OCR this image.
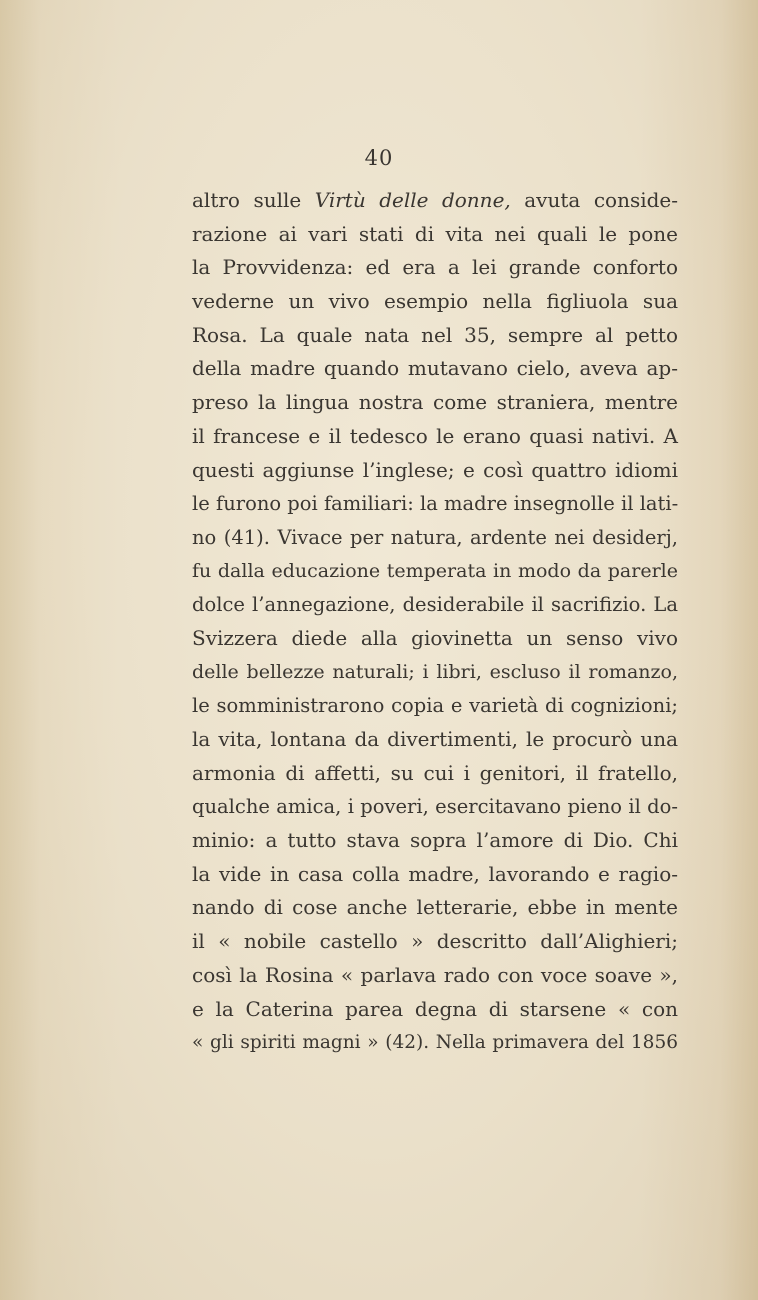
40
altro sulle Virtù delle donne, avuta conside-
razione ai vari stati di vita nei quali le pone
la Provvidenza: ed era a lei grande conforto
vederne un vivo esempio nella figliuola sua
Rosa. La quale nata nel 35, sempre al petto
della madre quando mutavano cielo, aveva ap-
preso la lingua nostra come straniera, mentre
il francese e il tedesco le erano quasi nativi. A
questi aggiunse l’inglese; e così quattro idiomi
le furono poi familiari: la madre insegnolle il lati-
no (41). Vivace per natura, ardente nei desiderj,
fu dalla educazione temperata in modo da parerle
dolce l’annegazione, desiderabile il sacrifizio. La
Svizzera diede alla giovinetta un senso vivo
delle bellezze naturali; i libri, escluso il romanzo,
le somministrarono copia e varietà di cognizioni;
la vita, lontana da divertimenti, le procurò una
armonia di affetti, su cui i genitori, il fratello,
qualche amica, i poveri, esercitavano pieno il do-
minio: a tutto stava sopra l’amore di Dio. Chi
la vide in casa colla madre, lavorando e ragio-
nando di cose anche letterarie, ebbe in mente
il « nobile castello » descritto dall’Alighieri;
così la Rosina « parlava rado con voce soave »,
e la Caterina parea degna di starsene « con
« gli spiriti magni » (42). Nella primavera del 1856
